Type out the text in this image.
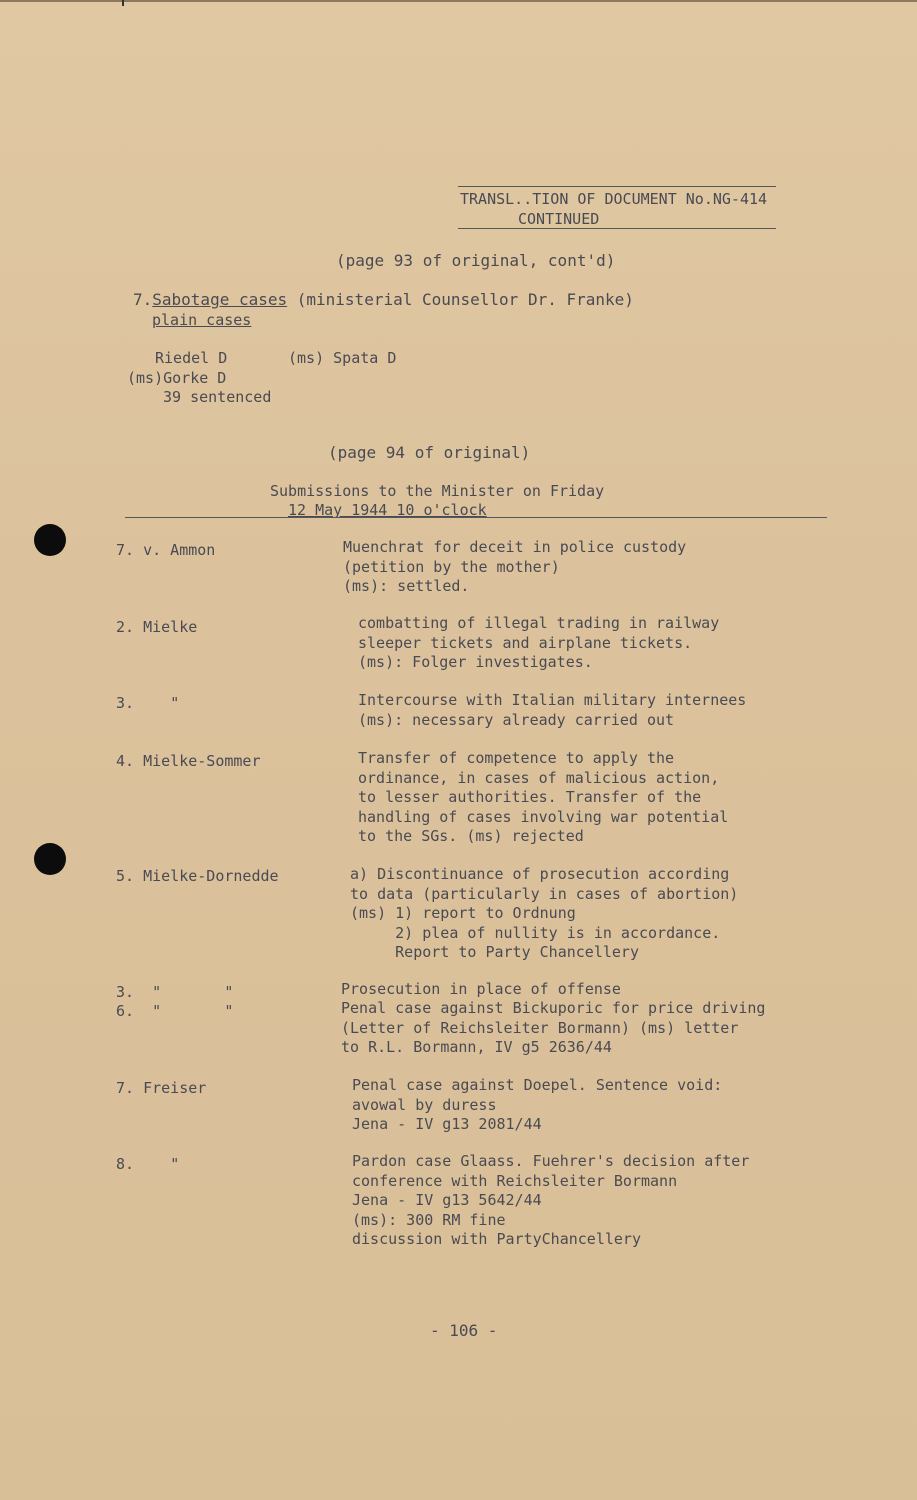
TRANSL..TION OF DOCUMENT No.NG-414
CONTINUED
(page 93 of original, cont'd)
7.Sabotage cases (ministerial Counsellor Dr. Franke)
plain cases
Riedel D	(ms) Spata D
(ms)Gorke D
39 sentenced
(page 94 of original)
Submissions to the Minister on Friday
12 May 1944 10 o'clock
7. v. Ammon	Muenchrat for deceit in police custody
(petition by the mother)
(ms): settled.
2. Mielke	combatting of illegal trading in railway
sleeper tickets and airplane tickets.
(ms): Folger investigates.
3. "	Intercourse with Italian military internees
(ms): necessary already carried out
4. Mielke-Sommer	Transfer of competence to apply the
ordinance, in cases of malicious action,
to lesser authorities. Transfer of the
handling of cases involving war potential
to the SGs. (ms) rejected
5. Mielke-Dornedde	a) Discontinuance of prosecution according
to data (particularly in cases of abortion)
(ms) 1) report to Ordnung
2) plea of nullity is in accordance.
Report to Party Chancellery
3. "       "	Prosecution in place of offense
6. "       "	Penal case against Bickuporic for price driving
(Letter of Reichsleiter Bormann) (ms) letter
to R.L. Bormann, IV g5 2636/44
7. Freiser	Penal case against Doepel. Sentence void:
avowal by duress
Jena - IV g13 2081/44
8. "	Pardon case Glaass. Fuehrer's decision after
conference with Reichsleiter Bormann
Jena - IV g13 5642/44
(ms): 300 RM fine
discussion with PartyChancellery
- 106 -
